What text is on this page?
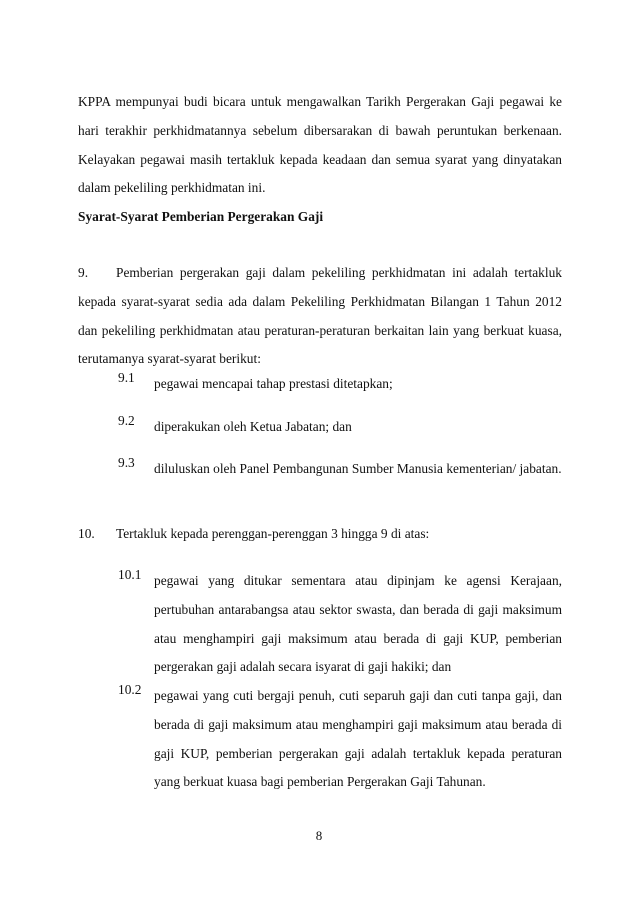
KPPA mempunyai budi bicara untuk mengawalkan Tarikh Pergerakan Gaji pegawai ke hari terakhir perkhidmatannya sebelum dibersarakan di bawah peruntukan berkenaan. Kelayakan pegawai masih tertakluk kepada keadaan dan semua syarat yang dinyatakan dalam pekeliling perkhidmatan ini.
Syarat-Syarat Pemberian Pergerakan Gaji
9.	Pemberian pergerakan gaji dalam pekeliling perkhidmatan ini adalah tertakluk kepada syarat-syarat sedia ada dalam Pekeliling Perkhidmatan Bilangan 1 Tahun 2012 dan pekeliling perkhidmatan atau peraturan-peraturan berkaitan lain yang berkuat kuasa, terutamanya syarat-syarat berikut:
9.1 pegawai mencapai tahap prestasi ditetapkan;
9.2 diperakukan oleh Ketua Jabatan; dan
9.3 diluluskan oleh Panel Pembangunan Sumber Manusia kementerian/ jabatan.
10.	Tertakluk kepada perenggan-perenggan 3 hingga 9 di atas:
10.1 pegawai yang ditukar sementara atau dipinjam ke agensi Kerajaan, pertubuhan antarabangsa atau sektor swasta, dan berada di gaji maksimum atau menghampiri gaji maksimum atau berada di gaji KUP, pemberian pergerakan gaji adalah secara isyarat di gaji hakiki; dan
10.2 pegawai yang cuti bergaji penuh, cuti separuh gaji dan cuti tanpa gaji, dan berada di gaji maksimum atau menghampiri gaji maksimum atau berada di gaji KUP, pemberian pergerakan gaji adalah tertakluk kepada peraturan yang berkuat kuasa bagi pemberian Pergerakan Gaji Tahunan.
8
